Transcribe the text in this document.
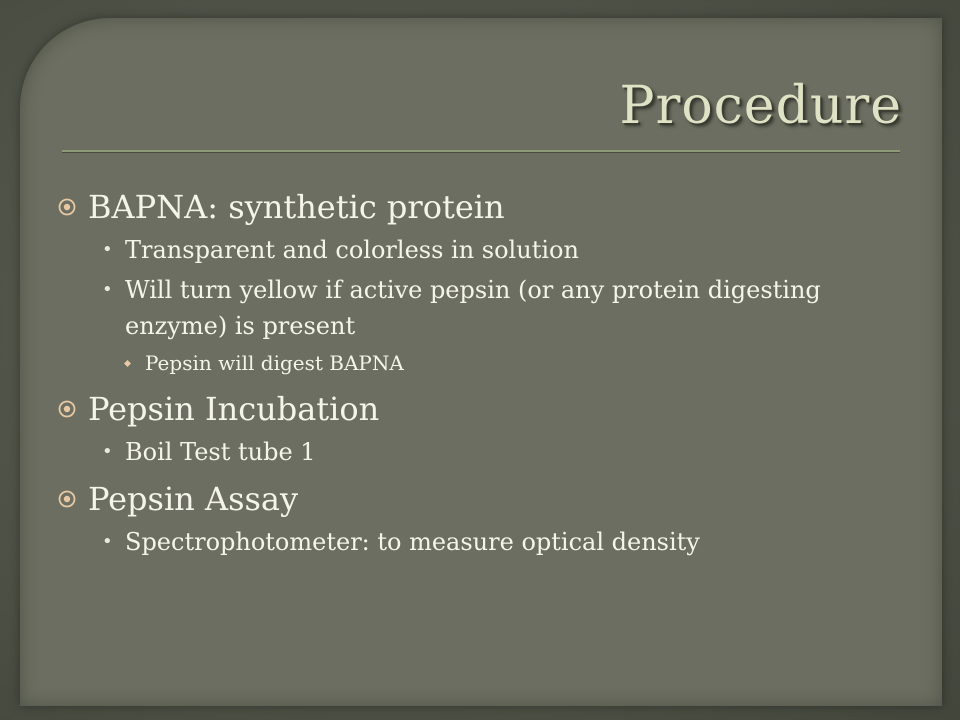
Procedure
BAPNA: synthetic protein
• Transparent and colorless in solution
• Will turn yellow if active pepsin (or any protein digesting enzyme) is present
Pepsin will digest BAPNA
Pepsin Incubation
• Boil Test tube 1
Pepsin Assay
• Spectrophotometer: to measure optical density
